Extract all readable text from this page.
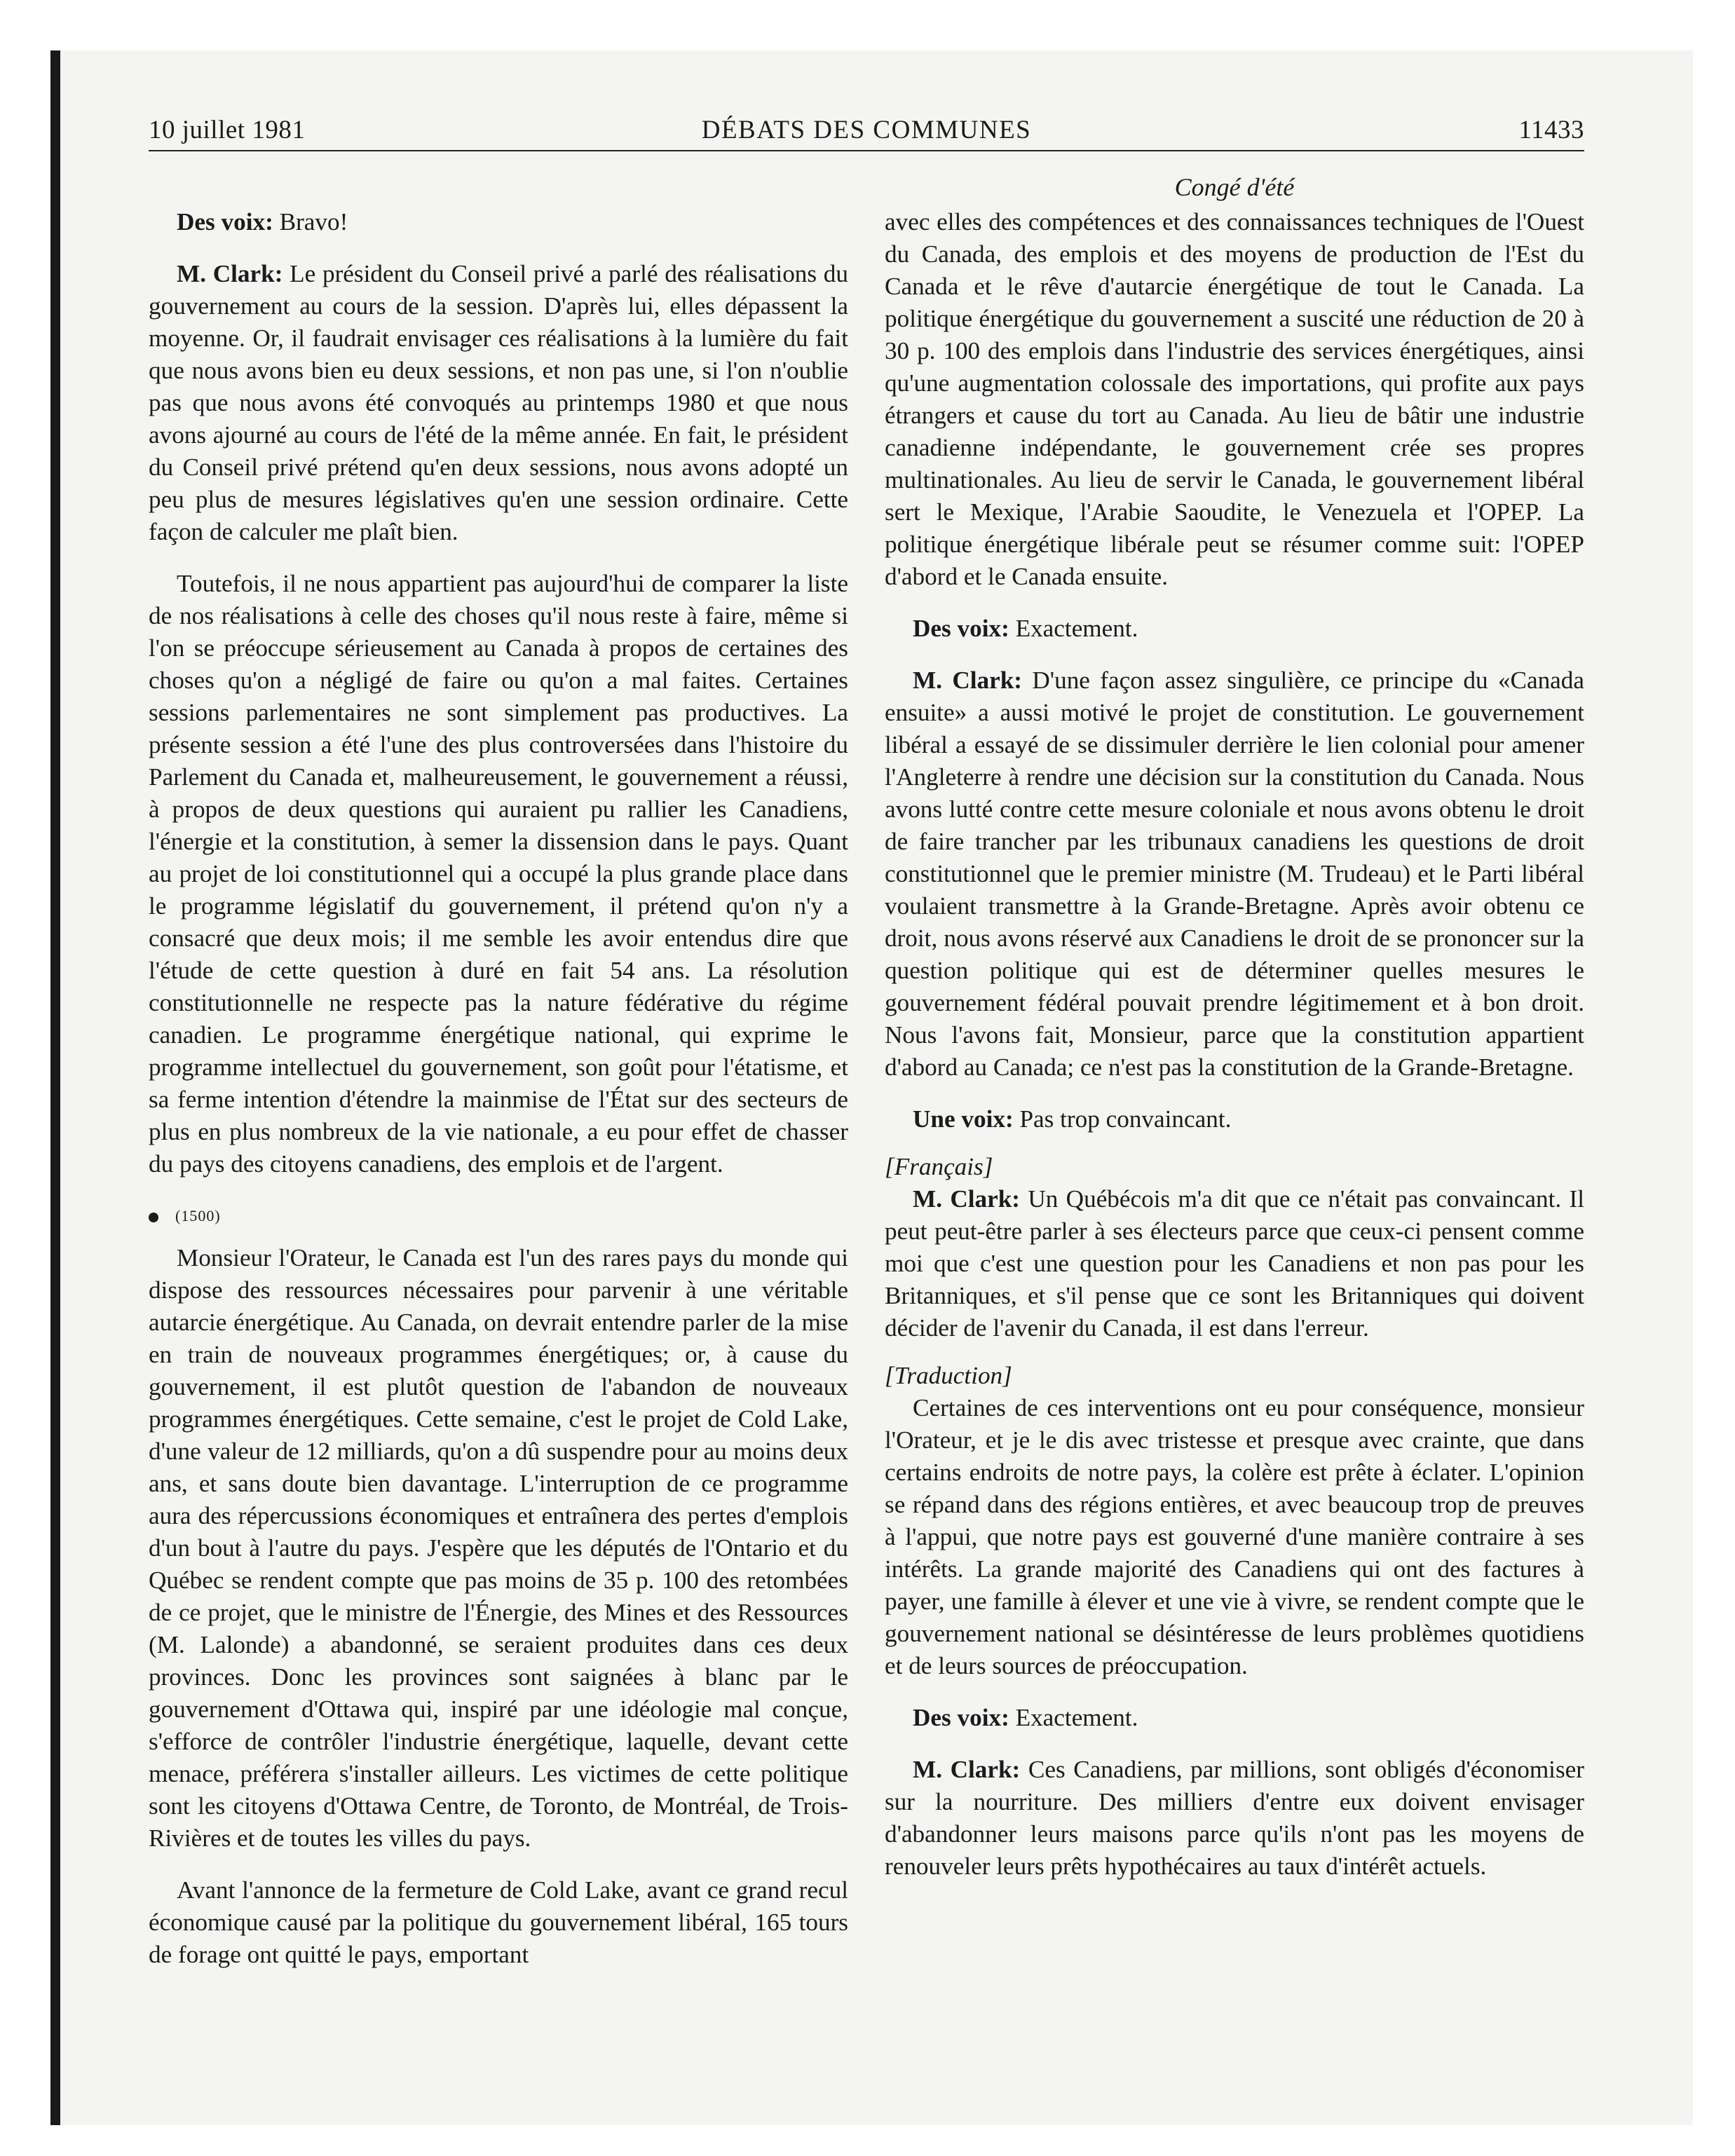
10 juillet 1981	DÉBATS DES COMMUNES	11433
Congé d'été

Des voix: Bravo!

M. Clark: Le président du Conseil privé a parlé des réalisations du gouvernement au cours de la session. D'après lui, elles dépassent la moyenne. Or, il faudrait envisager ces réalisations à la lumière du fait que nous avons bien eu deux sessions, et non pas une, si l'on n'oublie pas que nous avons été convoqués au printemps 1980 et que nous avons ajourné au cours de l'été de la même année. En fait, le président du Conseil privé prétend qu'en deux sessions, nous avons adopté un peu plus de mesures législatives qu'en une session ordinaire. Cette façon de calculer me plaît bien.

Toutefois, il ne nous appartient pas aujourd'hui de comparer la liste de nos réalisations à celle des choses qu'il nous reste à faire, même si l'on se préoccupe sérieusement au Canada à propos de certaines des choses qu'on a négligé de faire ou qu'on a mal faites. Certaines sessions parlementaires ne sont simplement pas productives. La présente session a été l'une des plus controversées dans l'histoire du Parlement du Canada et, malheureusement, le gouvernement a réussi, à propos de deux questions qui auraient pu rallier les Canadiens, l'énergie et la constitution, à semer la dissension dans le pays. Quant au projet de loi constitutionnel qui a occupé la plus grande place dans le programme législatif du gouvernement, il prétend qu'on n'y a consacré que deux mois; il me semble les avoir entendus dire que l'étude de cette question à duré en fait 54 ans. La résolution constitutionnelle ne respecte pas la nature fédérative du régime canadien. Le programme énergétique national, qui exprime le programme intellectuel du gouvernement, son goût pour l'étatisme, et sa ferme intention d'étendre la mainmise de l'État sur des secteurs de plus en plus nombreux de la vie nationale, a eu pour effet de chasser du pays des citoyens canadiens, des emplois et de l'argent.

(1500)

Monsieur l'Orateur, le Canada est l'un des rares pays du monde qui dispose des ressources nécessaires pour parvenir à une véritable autarcie énergétique. Au Canada, on devrait entendre parler de la mise en train de nouveaux programmes énergétiques; or, à cause du gouvernement, il est plutôt question de l'abandon de nouveaux programmes énergétiques. Cette semaine, c'est le projet de Cold Lake, d'une valeur de 12 milliards, qu'on a dû suspendre pour au moins deux ans, et sans doute bien davantage. L'interruption de ce programme aura des répercussions économiques et entraînera des pertes d'emplois d'un bout à l'autre du pays. J'espère que les députés de l'Ontario et du Québec se rendent compte que pas moins de 35 p. 100 des retombées de ce projet, que le ministre de l'Énergie, des Mines et des Ressources (M. Lalonde) a abandonné, se seraient produites dans ces deux provinces. Donc les provinces sont saignées à blanc par le gouvernement d'Ottawa qui, inspiré par une idéologie mal conçue, s'efforce de contrôler l'industrie énergétique, laquelle, devant cette menace, préférera s'installer ailleurs. Les victimes de cette politique sont les citoyens d'Ottawa Centre, de Toronto, de Montréal, de Trois-Rivières et de toutes les villes du pays.

Avant l'annonce de la fermeture de Cold Lake, avant ce grand recul économique causé par la politique du gouvernement libéral, 165 tours de forage ont quitté le pays, emportant

avec elles des compétences et des connaissances techniques de l'Ouest du Canada, des emplois et des moyens de production de l'Est du Canada et le rêve d'autarcie énergétique de tout le Canada. La politique énergétique du gouvernement a suscité une réduction de 20 à 30 p. 100 des emplois dans l'industrie des services énergétiques, ainsi qu'une augmentation colossale des importations, qui profite aux pays étrangers et cause du tort au Canada. Au lieu de bâtir une industrie canadienne indépendante, le gouvernement crée ses propres multinationales. Au lieu de servir le Canada, le gouvernement libéral sert le Mexique, l'Arabie Saoudite, le Venezuela et l'OPEP. La politique énergétique libérale peut se résumer comme suit: l'OPEP d'abord et le Canada ensuite.

Des voix: Exactement.

M. Clark: D'une façon assez singulière, ce principe du «Canada ensuite» a aussi motivé le projet de constitution. Le gouvernement libéral a essayé de se dissimuler derrière le lien colonial pour amener l'Angleterre à rendre une décision sur la constitution du Canada. Nous avons lutté contre cette mesure coloniale et nous avons obtenu le droit de faire trancher par les tribunaux canadiens les questions de droit constitutionnel que le premier ministre (M. Trudeau) et le Parti libéral voulaient transmettre à la Grande-Bretagne. Après avoir obtenu ce droit, nous avons réservé aux Canadiens le droit de se prononcer sur la question politique qui est de déterminer quelles mesures le gouvernement fédéral pouvait prendre légitimement et à bon droit. Nous l'avons fait, Monsieur, parce que la constitution appartient d'abord au Canada; ce n'est pas la constitution de la Grande-Bretagne.

Une voix: Pas trop convaincant.

[Français]

M. Clark: Un Québécois m'a dit que ce n'était pas convaincant. Il peut peut-être parler à ses électeurs parce que ceux-ci pensent comme moi que c'est une question pour les Canadiens et non pas pour les Britanniques, et s'il pense que ce sont les Britanniques qui doivent décider de l'avenir du Canada, il est dans l'erreur.

[Traduction]

Certaines de ces interventions ont eu pour conséquence, monsieur l'Orateur, et je le dis avec tristesse et presque avec crainte, que dans certains endroits de notre pays, la colère est prête à éclater. L'opinion se répand dans des régions entières, et avec beaucoup trop de preuves à l'appui, que notre pays est gouverné d'une manière contraire à ses intérêts. La grande majorité des Canadiens qui ont des factures à payer, une famille à élever et une vie à vivre, se rendent compte que le gouvernement national se désintéresse de leurs problèmes quotidiens et de leurs sources de préoccupation.

Des voix: Exactement.

M. Clark: Ces Canadiens, par millions, sont obligés d'économiser sur la nourriture. Des milliers d'entre eux doivent envisager d'abandonner leurs maisons parce qu'ils n'ont pas les moyens de renouveler leurs prêts hypothécaires au taux d'intérêt actuels.
